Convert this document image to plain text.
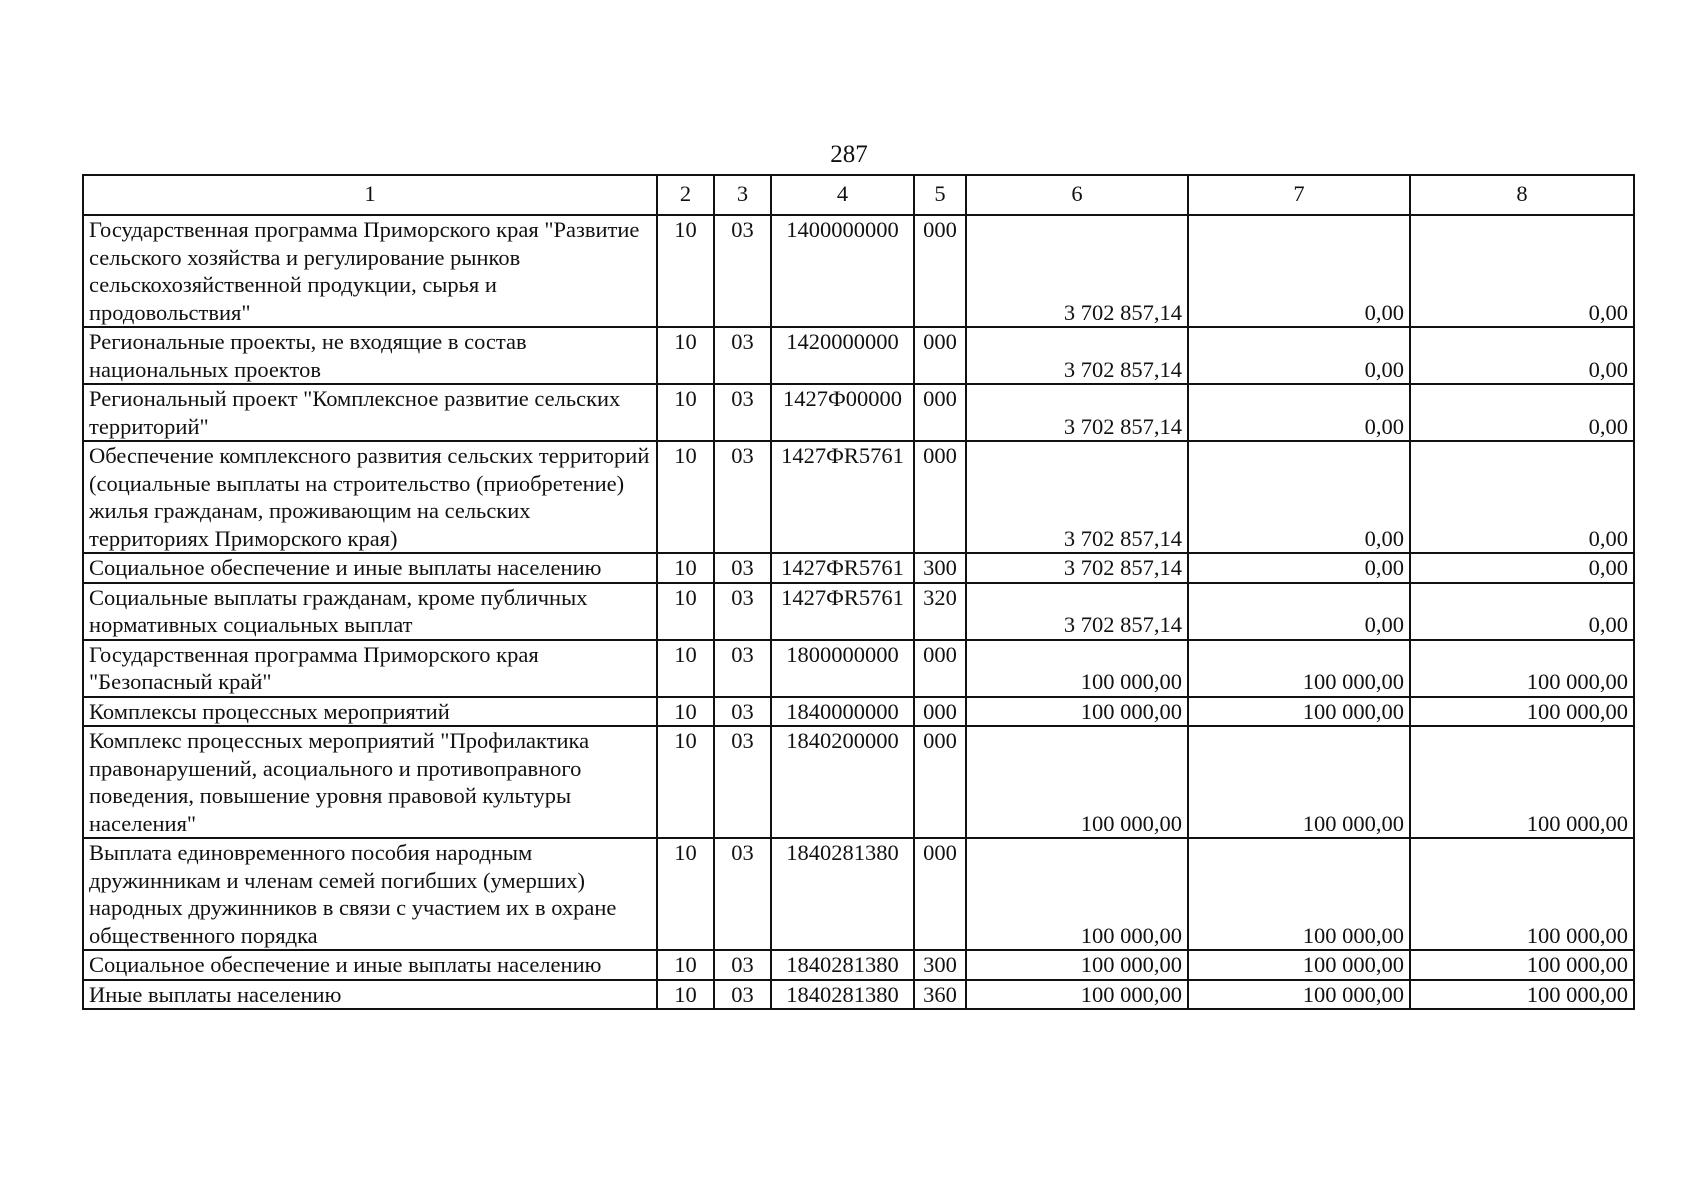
287
1	2	3	4	5	6	7	8
Государственная программа Приморского края "Развитие сельского хозяйства и регулирование рынков сельскохозяйственной продукции, сырья и продовольствия"	10	03	1400000000	000	3 702 857,14	0,00	0,00
Региональные проекты, не входящие в состав национальных проектов	10	03	1420000000	000	3 702 857,14	0,00	0,00
Региональный проект "Комплексное развитие сельских территорий"	10	03	1427Ф00000	000	3 702 857,14	0,00	0,00
Обеспечение комплексного развития сельских территорий (социальные выплаты на строительство (приобретение) жилья гражданам, проживающим на сельских территориях Приморского края)	10	03	1427ФR5761	000	3 702 857,14	0,00	0,00
Социальное обеспечение и иные выплаты населению	10	03	1427ФR5761	300	3 702 857,14	0,00	0,00
Социальные выплаты гражданам, кроме публичных нормативных социальных выплат	10	03	1427ФR5761	320	3 702 857,14	0,00	0,00
Государственная программа Приморского края "Безопасный край"	10	03	1800000000	000	100 000,00	100 000,00	100 000,00
Комплексы процессных мероприятий	10	03	1840000000	000	100 000,00	100 000,00	100 000,00
Комплекс процессных мероприятий "Профилактика правонарушений, асоциального и противоправного поведения, повышение уровня правовой культуры населения"	10	03	1840200000	000	100 000,00	100 000,00	100 000,00
Выплата единовременного пособия народным дружинникам и членам семей погибших (умерших) народных дружинников в связи с участием их в охране общественного порядка	10	03	1840281380	000	100 000,00	100 000,00	100 000,00
Социальное обеспечение и иные выплаты населению	10	03	1840281380	300	100 000,00	100 000,00	100 000,00
Иные выплаты населению	10	03	1840281380	360	100 000,00	100 000,00	100 000,00
